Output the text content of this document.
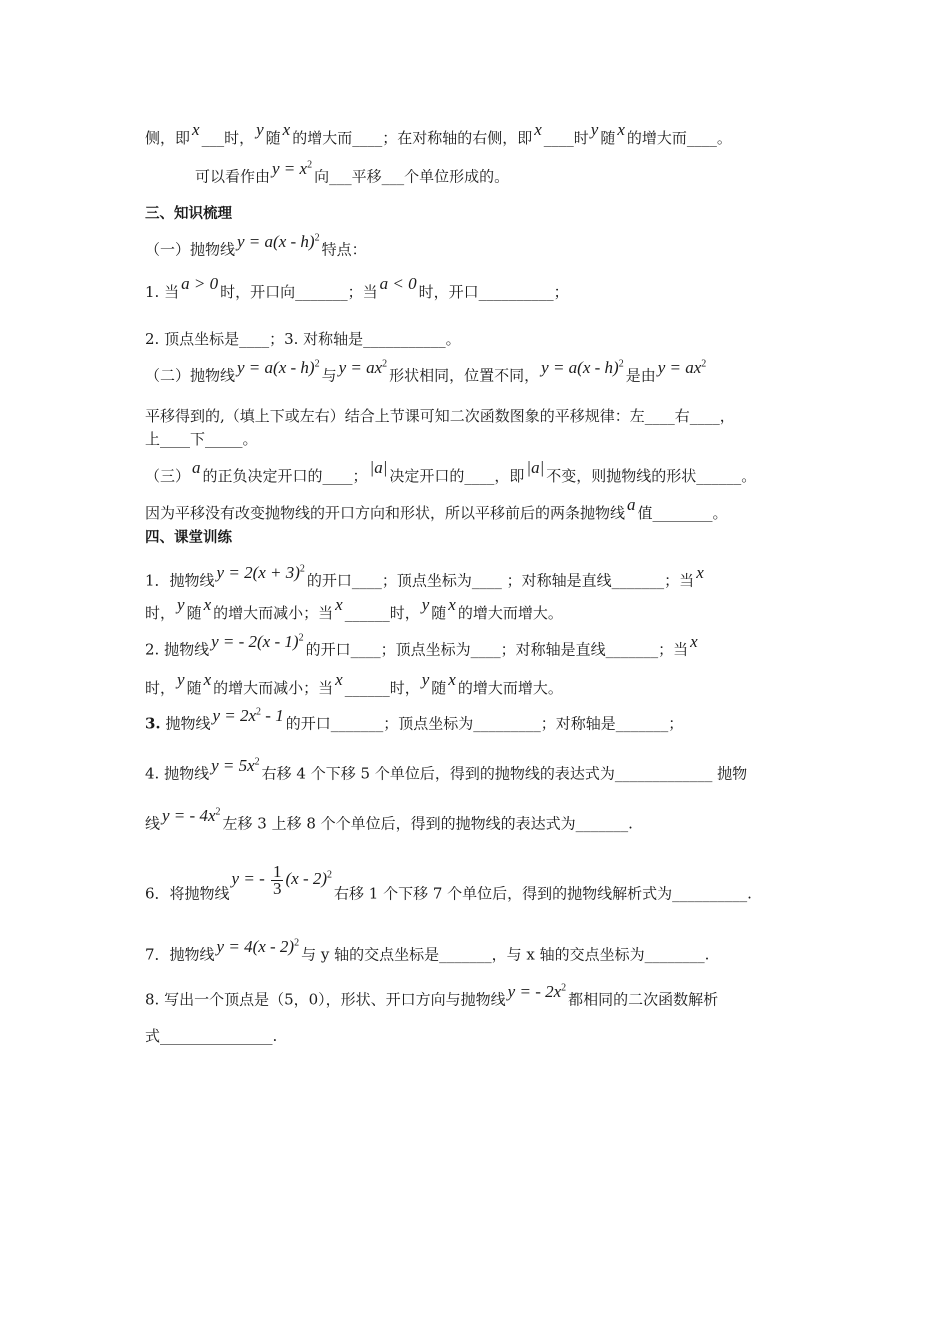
侧，即 x ___时， y 随 x 的增大而____；在对称轴的右侧，即 x ____时 y 随 x 的增大而____。
可以看作由 $y = x^2$向___平移___个单位形成的。
三、知识梳理
（一）抛物线 y = a(x - h)$^2$特点：
1. 当 a > 0 时，开口向_______；当 a < 0 时，开口__________；
2. 顶点坐标是____；3. 对称轴是___________。
（二）抛物线 y = a(x - h)$^2$与 $y = ax^2$形状相同，位置不同， y = a(x - h)$^2$是由 $y = ax^2$
平移得到的,（填上下或左右）结合上节课可知二次函数图象的平移规律：左____右____，
上____下_____。
（三） a 的正负决定开口的____； |a| 决定开口的____，即 |a| 不变，则抛物线的形状______。
因为平移没有改变抛物线的开口方向和形状，所以平移前后的两条抛物线 a 值________。
四、课堂训练
1．抛物线 $y = 2(x + 3)^2$的开口____；顶点坐标为____ ；对称轴是直线_______；当 x
时， y 随 x 的增大而减小；当 x ______时， y 随 x 的增大而增大。
2. 抛物线 y = - 2(x - 1)$^2$的开口____；顶点坐标为____；对称轴是直线_______；当 x
时， y 随 x 的增大而减小；当 x ______时， y 随 x 的增大而增大。
3. 抛物线 $y = 2x^2 - 1$ 的开口_______；顶点坐标为_________；对称轴是_______；
4. 抛物线 $y = 5x^2$右移 4 个下移 5 个单位后，得到的抛物线的表达式为_____________ 抛物
线 y = - $4x^2$左移 3 上移 8 个个单位后，得到的抛物线的表达式为_______.
6．将抛物线y = - $\frac{1}{3} (x - 2)^2$右移 1 个下移 7 个单位后，得到的抛物线解析式为__________.
7．抛物线 y = 4(x - 2)$^2$与 y 轴的交点坐标是_______，与 x 轴的交点坐标为________.
8. 写出一个顶点是（5，0），形状、开口方向与抛物线 y = - $2x^2$都相同的二次函数解析
式_______________.
